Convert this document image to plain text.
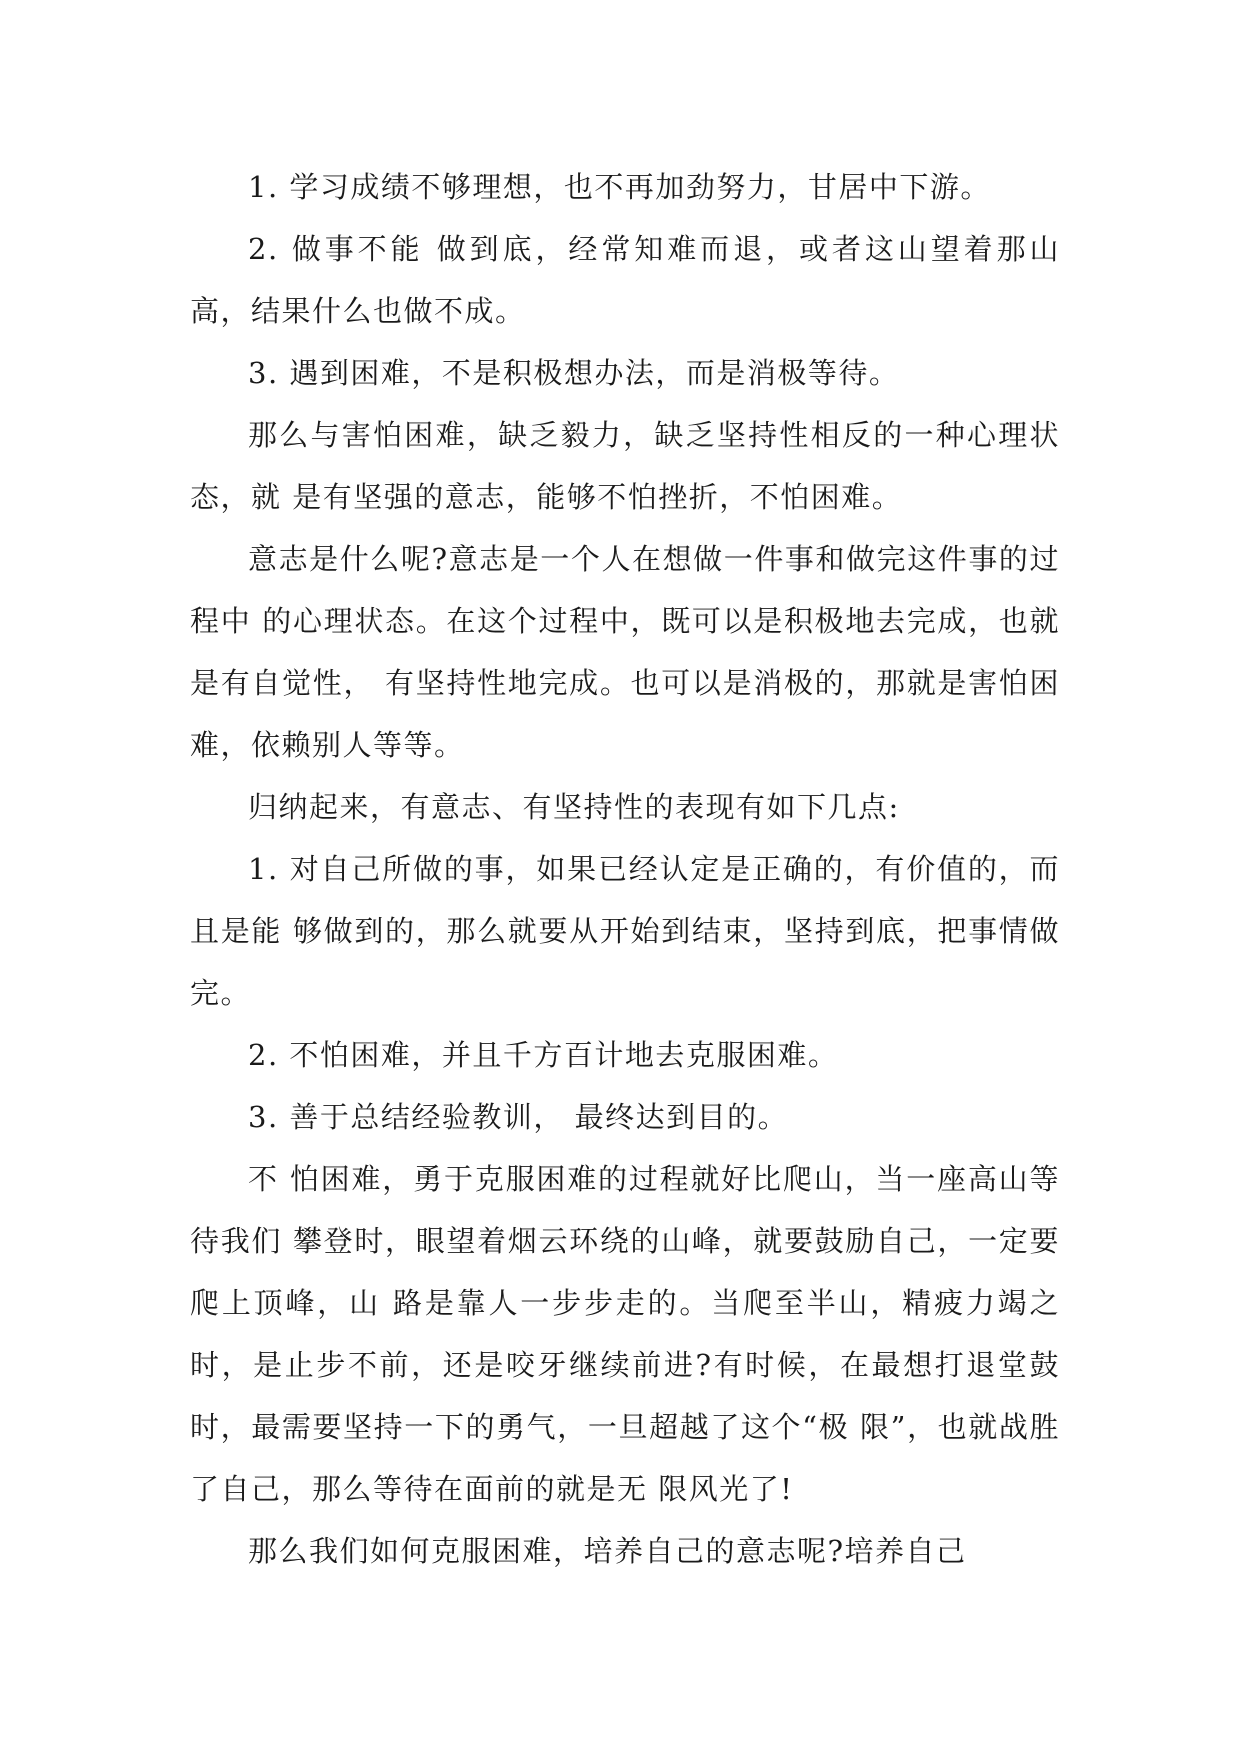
1. 学习成绩不够理想，也不再加劲努力，甘居中下游。

2. 做事不能 做到底，经常知难而退，或者这山望着那山高，结果什么也做不成。

3. 遇到困难，不是积极想办法，而是消极等待。

那么与害怕困难，缺乏毅力，缺乏坚持性相反的一种心理状态，就 是有坚强的意志，能够不怕挫折，不怕困难。

意志是什么呢?意志是一个人在想做一件事和做完这件事的过程中 的心理状态。在这个过程中，既可以是积极地去完成，也就是有自觉性， 有坚持性地完成。也可以是消极的，那就是害怕困难，依赖别人等等。

归纳起来，有意志、有坚持性的表现有如下几点:

1. 对自己所做的事，如果已经认定是正确的，有价值的，而且是能 够做到的，那么就要从开始到结束，坚持到底，把事情做完。

2. 不怕困难，并且千方百计地去克服困难。

3. 善于总结经验教训， 最终达到目的。

不 怕困难，勇于克服困难的过程就好比爬山，当一座高山等待我们 攀登时，眼望着烟云环绕的山峰，就要鼓励自己，一定要爬上顶峰，山 路是靠人一步步走的。当爬至半山，精疲力竭之时，是止步不前，还是咬牙继续前进?有时候，在最想打退堂鼓时，最需要坚持一下的勇气，一旦超越了这个“极 限”，也就战胜了自己，那么等待在面前的就是无 限风光了!

那么我们如何克服困难，培养自己的意志呢?培养自己
